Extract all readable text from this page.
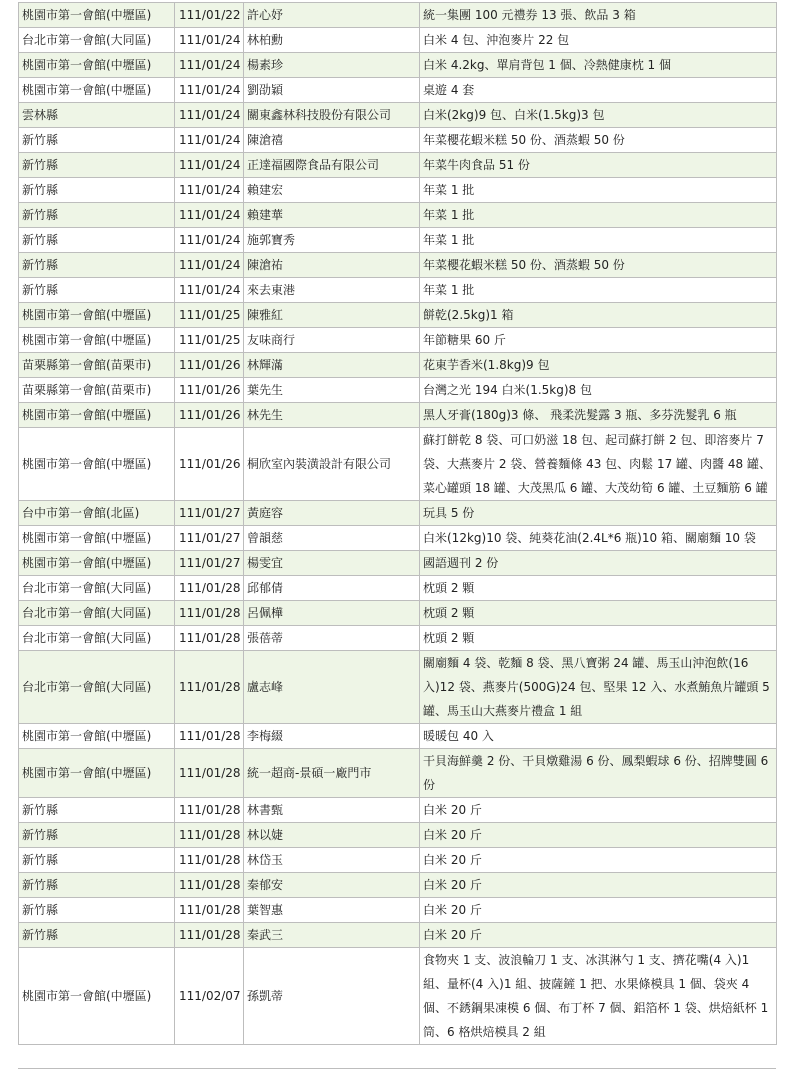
桃園市第一會館(中壢區)	111/01/22	許心妤	統一集團 100 元禮券 13 張、飲品 3 箱
台北市第一會館(大同區)	111/01/24	林柏勳	白米 4 包、沖泡麥片 22 包
桃園市第一會館(中壢區)	111/01/24	楊素珍	白米 4.2kg、單肩背包 1 個、冷熱健康枕 1 個
桃園市第一會館(中壢區)	111/01/24	劉劭穎	桌遊 4 套
雲林縣	111/01/24	關東鑫林科技股份有限公司	白米(2kg)9 包、白米(1.5kg)3 包
新竹縣	111/01/24	陳滄禧	年菜櫻花蝦米糕 50 份、酒蒸蝦 50 份
新竹縣	111/01/24	正達福國際食品有限公司	年菜牛肉食品 51 份
新竹縣	111/01/24	賴建宏	年菜 1 批
新竹縣	111/01/24	賴建華	年菜 1 批
新竹縣	111/01/24	施郭寶秀	年菜 1 批
新竹縣	111/01/24	陳滄祐	年菜櫻花蝦米糕 50 份、酒蒸蝦 50 份
新竹縣	111/01/24	來去東港	年菜 1 批
桃園市第一會館(中壢區)	111/01/25	陳雅紅	餅乾(2.5kg)1 箱
桃園市第一會館(中壢區)	111/01/25	友味商行	年節糖果 60 斤
苗栗縣第一會館(苗栗市)	111/01/26	林輝滿	花東芋香米(1.8kg)9 包
苗栗縣第一會館(苗栗市)	111/01/26	葉先生	台灣之光 194 白米(1.5kg)8 包
桃園市第一會館(中壢區)	111/01/26	林先生	黑人牙膏(180g)3 條、 飛柔洗髮露 3 瓶、多芬洗髮乳 6 瓶
桃園市第一會館(中壢區)	111/01/26	桐欣室內裝潢設計有限公司	蘇打餅乾 8 袋、可口奶滋 18 包、起司蘇打餅 2 包、即溶麥片 7 袋、大燕麥片 2 袋、營養麵條 43 包、肉鬆 17 罐、肉醬 48 罐、菜心罐頭 18 罐、大茂黑瓜 6 罐、大茂幼筍 6 罐、土豆麵筋 6 罐
台中市第一會館(北區)	111/01/27	黃庭容	玩具 5 份
桃園市第一會館(中壢區)	111/01/27	曾韻慈	白米(12kg)10 袋、純葵花油(2.4L*6 瓶)10 箱、關廟麵 10 袋
桃園市第一會館(中壢區)	111/01/27	楊雯宜	國語週刊 2 份
台北市第一會館(大同區)	111/01/28	邱郁倩	枕頭 2 顆
台北市第一會館(大同區)	111/01/28	呂佩樺	枕頭 2 顆
台北市第一會館(大同區)	111/01/28	張蓓蒂	枕頭 2 顆
台北市第一會館(大同區)	111/01/28	盧志峰	關廟麵 4 袋、乾麵 8 袋、黑八寶粥 24 罐、馬玉山沖泡飲(16 入)12 袋、燕麥片(500G)24 包、堅果 12 入、水煮鮪魚片罐頭 5 罐、馬玉山大燕麥片禮盒 1 組
桃園市第一會館(中壢區)	111/01/28	李梅綴	暖暖包 40 入
桃園市第一會館(中壢區)	111/01/28	統一超商-景碩一廠門市	干貝海鮮羹 2 份、干貝燉雞湯 6 份、鳳梨蝦球 6 份、招牌雙圓 6 份
新竹縣	111/01/28	林書甄	白米 20 斤
新竹縣	111/01/28	林以婕	白米 20 斤
新竹縣	111/01/28	林岱玉	白米 20 斤
新竹縣	111/01/28	秦郁安	白米 20 斤
新竹縣	111/01/28	葉智惠	白米 20 斤
新竹縣	111/01/28	秦武三	白米 20 斤
桃園市第一會館(中壢區)	111/02/07	孫凱蒂	食物夾 1 支、波浪輪刀 1 支、冰淇淋勺 1 支、擠花嘴(4 入)1 組、量杯(4 入)1 組、披薩鏟 1 把、水果條模具 1 個、袋夾 4 個、不銹鋼果凍模 6 個、布丁杯 7 個、鋁箔杯 1 袋、烘焙紙杯 1 筒、6 格烘焙模具 2 組
